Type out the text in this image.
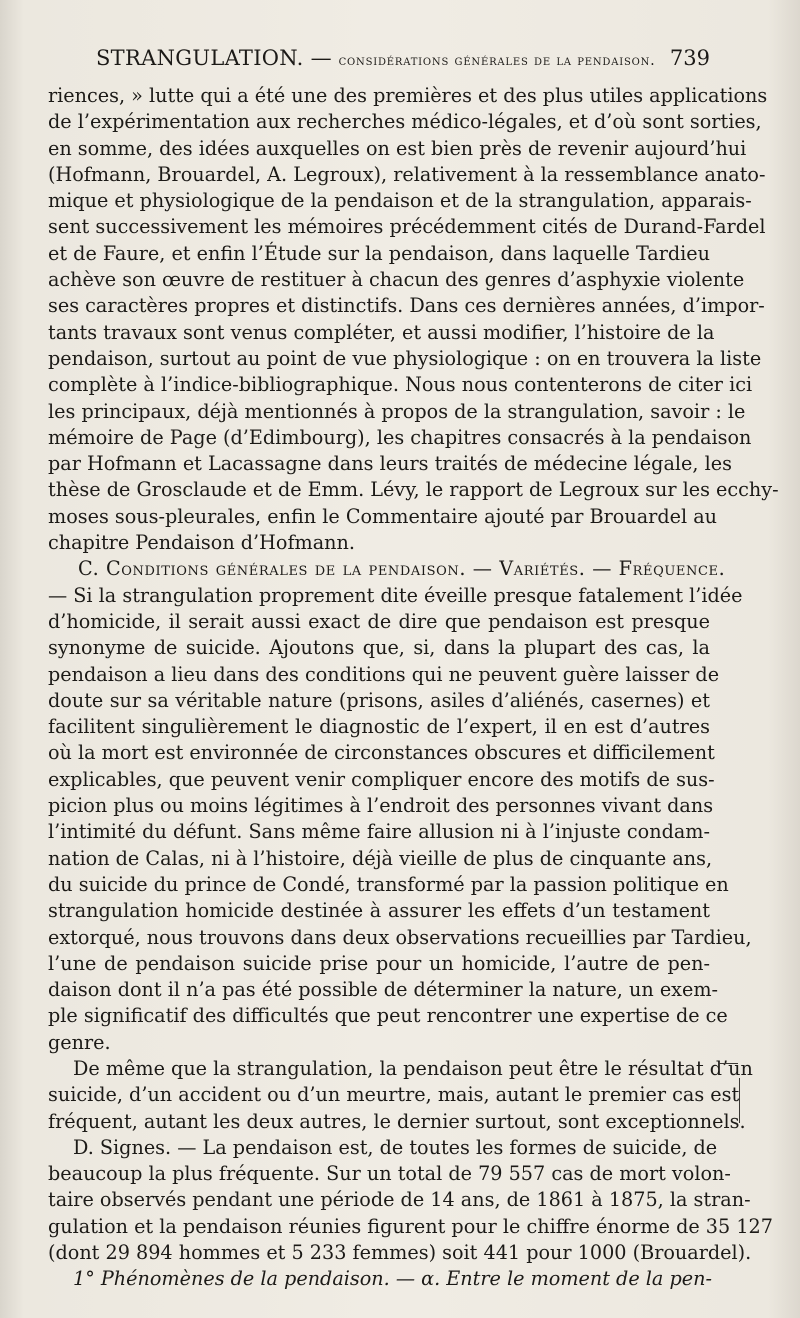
STRANGULATION. — considérations générales de la pendaison. 739
riences, » lutte qui a été une des premières et des plus utiles applications
de l’expérimentation aux recherches médico-légales, et d’où sont sorties,
en somme, des idées auxquelles on est bien près de revenir aujourd’hui
(Hofmann, Brouardel, A. Legroux), relativement à la ressemblance anato-
mique et physiologique de la pendaison et de la strangulation, apparais-
sent successivement les mémoires précédemment cités de Durand-Fardel
et de Faure, et enfin l’Étude sur la pendaison, dans laquelle Tardieu
achève son œuvre de restituer à chacun des genres d’asphyxie violente
ses caractères propres et distinctifs. Dans ces dernières années, d’impor-
tants travaux sont venus compléter, et aussi modifier, l’histoire de la
pendaison, surtout au point de vue physiologique : on en trouvera la liste
complète à l’indice-bibliographique. Nous nous contenterons de citer ici
les principaux, déjà mentionnés à propos de la strangulation, savoir : le
mémoire de Page (d’Edimbourg), les chapitres consacrés à la pendaison
par Hofmann et Lacassagne dans leurs traités de médecine légale, les
thèse de Grosclaude et de Emm. Lévy, le rapport de Legroux sur les ecchy-
moses sous-pleurales, enfin le Commentaire ajouté par Brouardel au
chapitre Pendaison d’Hofmann.
C. Conditions générales de la pendaison. — Variétés. — Fréquence.
— Si la strangulation proprement dite éveille presque fatalement l’idée
d’homicide, il serait aussi exact de dire que pendaison est presque
synonyme de suicide. Ajoutons que, si, dans la plupart des cas, la
pendaison a lieu dans des conditions qui ne peuvent guère laisser de
doute sur sa véritable nature (prisons, asiles d’aliénés, casernes) et
facilitent singulièrement le diagnostic de l’expert, il en est d’autres
où la mort est environnée de circonstances obscures et difficilement
explicables, que peuvent venir compliquer encore des motifs de sus-
picion plus ou moins légitimes à l’endroit des personnes vivant dans
l’intimité du défunt. Sans même faire allusion ni à l’injuste condam-
nation de Calas, ni à l’histoire, déjà vieille de plus de cinquante ans,
du suicide du prince de Condé, transformé par la passion politique en
strangulation homicide destinée à assurer les effets d’un testament
extorqué, nous trouvons dans deux observations recueillies par Tardieu,
l’une de pendaison suicide prise pour un homicide, l’autre de pen-
daison dont il n’a pas été possible de déterminer la nature, un exem-
ple significatif des difficultés que peut rencontrer une expertise de ce
genre.
De même que la strangulation, la pendaison peut être le résultat d’un
suicide, d’un accident ou d’un meurtre, mais, autant le premier cas est
fréquent, autant les deux autres, le dernier surtout, sont exceptionnels.
D. Signes. — La pendaison est, de toutes les formes de suicide, de
beaucoup la plus fréquente. Sur un total de 79 557 cas de mort volon-
taire observés pendant une période de 14 ans, de 1861 à 1875, la stran-
gulation et la pendaison réunies figurent pour le chiffre énorme de 35 127
(dont 29 894 hommes et 5 233 femmes) soit 441 pour 1000 (Brouardel).
1° Phénomènes de la pendaison. — α. Entre le moment de la pen-
